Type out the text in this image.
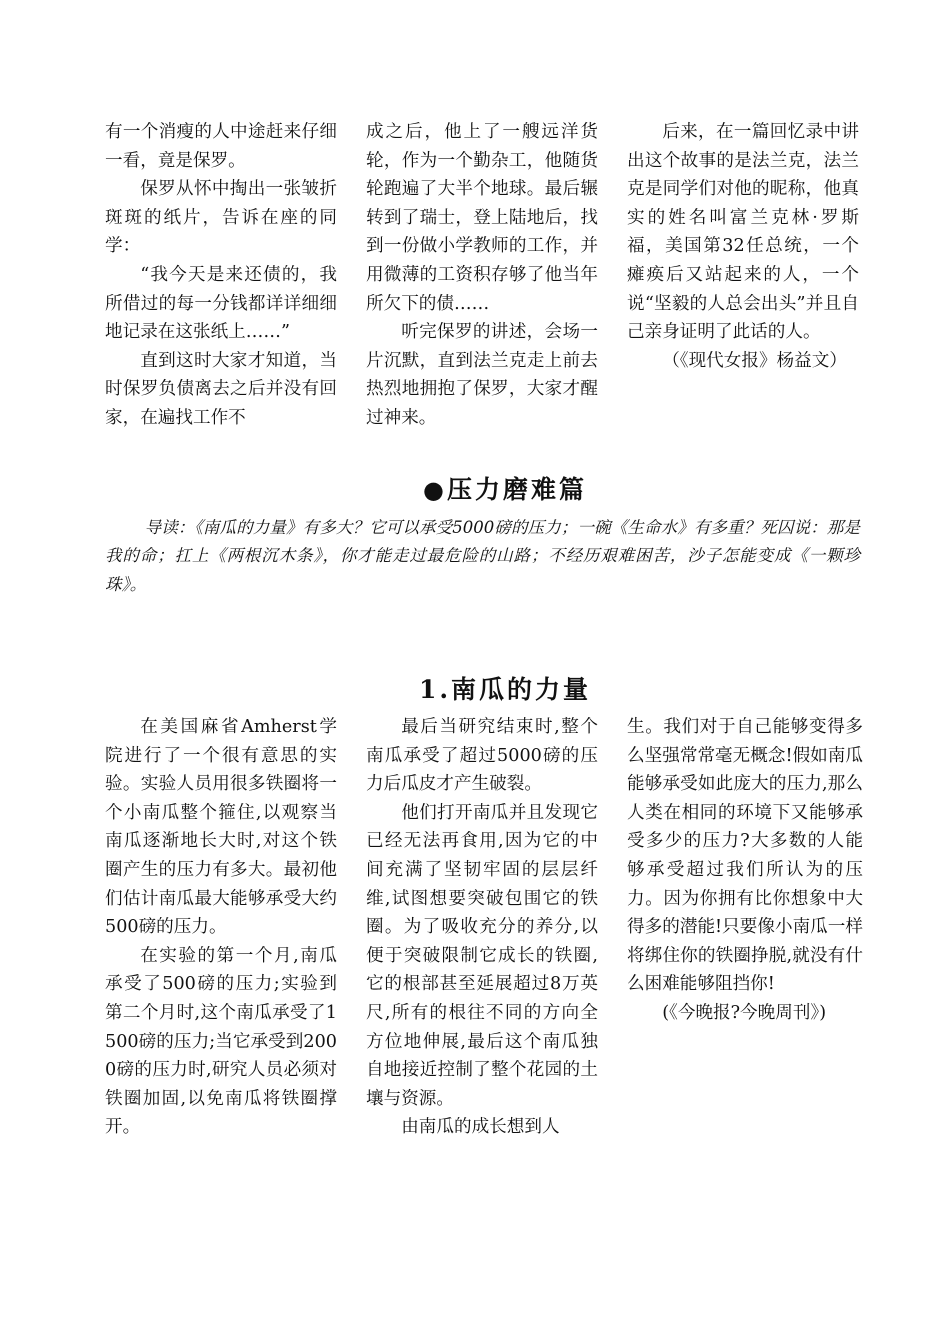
有一个消瘦的人中途赶来仔细一看，竟是保罗。

保罗从怀中掏出一张皱折斑斑的纸片，告诉在座的同学：

“我今天是来还债的，我所借过的每一分钱都详详细细地记录在这张纸上……”

直到这时大家才知道，当时保罗负债离去之后并没有回家，在遍找工作不

成之后，他上了一艘远洋货轮，作为一个勤杂工，他随货轮跑遍了大半个地球。最后辗转到了瑞士，登上陆地后，找到一份做小学教师的工作，并用微薄的工资积存够了他当年所欠下的债……

听完保罗的讲述，会场一片沉默，直到法兰克走上前去热烈地拥抱了保罗，大家才醒过神来。

后来，在一篇回忆录中讲出这个故事的是法兰克，法兰克是同学们对他的昵称，他真实的姓名叫富兰克林·罗斯福，美国第32任总统，一个瘫痪后又站起来的人，一个说“坚毅的人总会出头”并且自己亲身证明了此话的人。

（《现代女报》杨益文）

●压力磨难篇

导读：《南瓜的力量》有多大？它可以承受5000磅的压力；一碗《生命水》有多重？死囚说：那是我的命；扛上《两根沉木条》，你才能走过最危险的山路；不经历艰难困苦，沙子怎能变成《一颗珍珠》。

1.南瓜的力量

在美国麻省Amherst学院进行了一个很有意思的实验。实验人员用很多铁圈将一个小南瓜整个箍住,以观察当南瓜逐渐地长大时,对这个铁圈产生的压力有多大。最初他们估计南瓜最大能够承受大约500磅的压力。

在实验的第一个月,南瓜承受了500磅的压力;实验到第二个月时,这个南瓜承受了1500磅的压力;当它承受到2000磅的压力时,研究人员必须对铁圈加固,以免南瓜将铁圈撑开。

最后当研究结束时,整个南瓜承受了超过5000磅的压力后瓜皮才产生破裂。

他们打开南瓜并且发现它已经无法再食用,因为它的中间充满了坚韧牢固的层层纤维,试图想要突破包围它的铁圈。为了吸收充分的养分,以便于突破限制它成长的铁圈,它的根部甚至延展超过8万英尺,所有的根往不同的方向全方位地伸展,最后这个南瓜独自地接近控制了整个花园的土壤与资源。

由南瓜的成长想到人

生。我们对于自己能够变得多么坚强常常毫无概念!假如南瓜能够承受如此庞大的压力,那么人类在相同的环境下又能够承受多少的压力?大多数的人能够承受超过我们所认为的压力。因为你拥有比你想象中大得多的潜能!只要像小南瓜一样将绑住你的铁圈挣脱,就没有什么困难能够阻挡你!

(《今晚报?今晚周刊》)
